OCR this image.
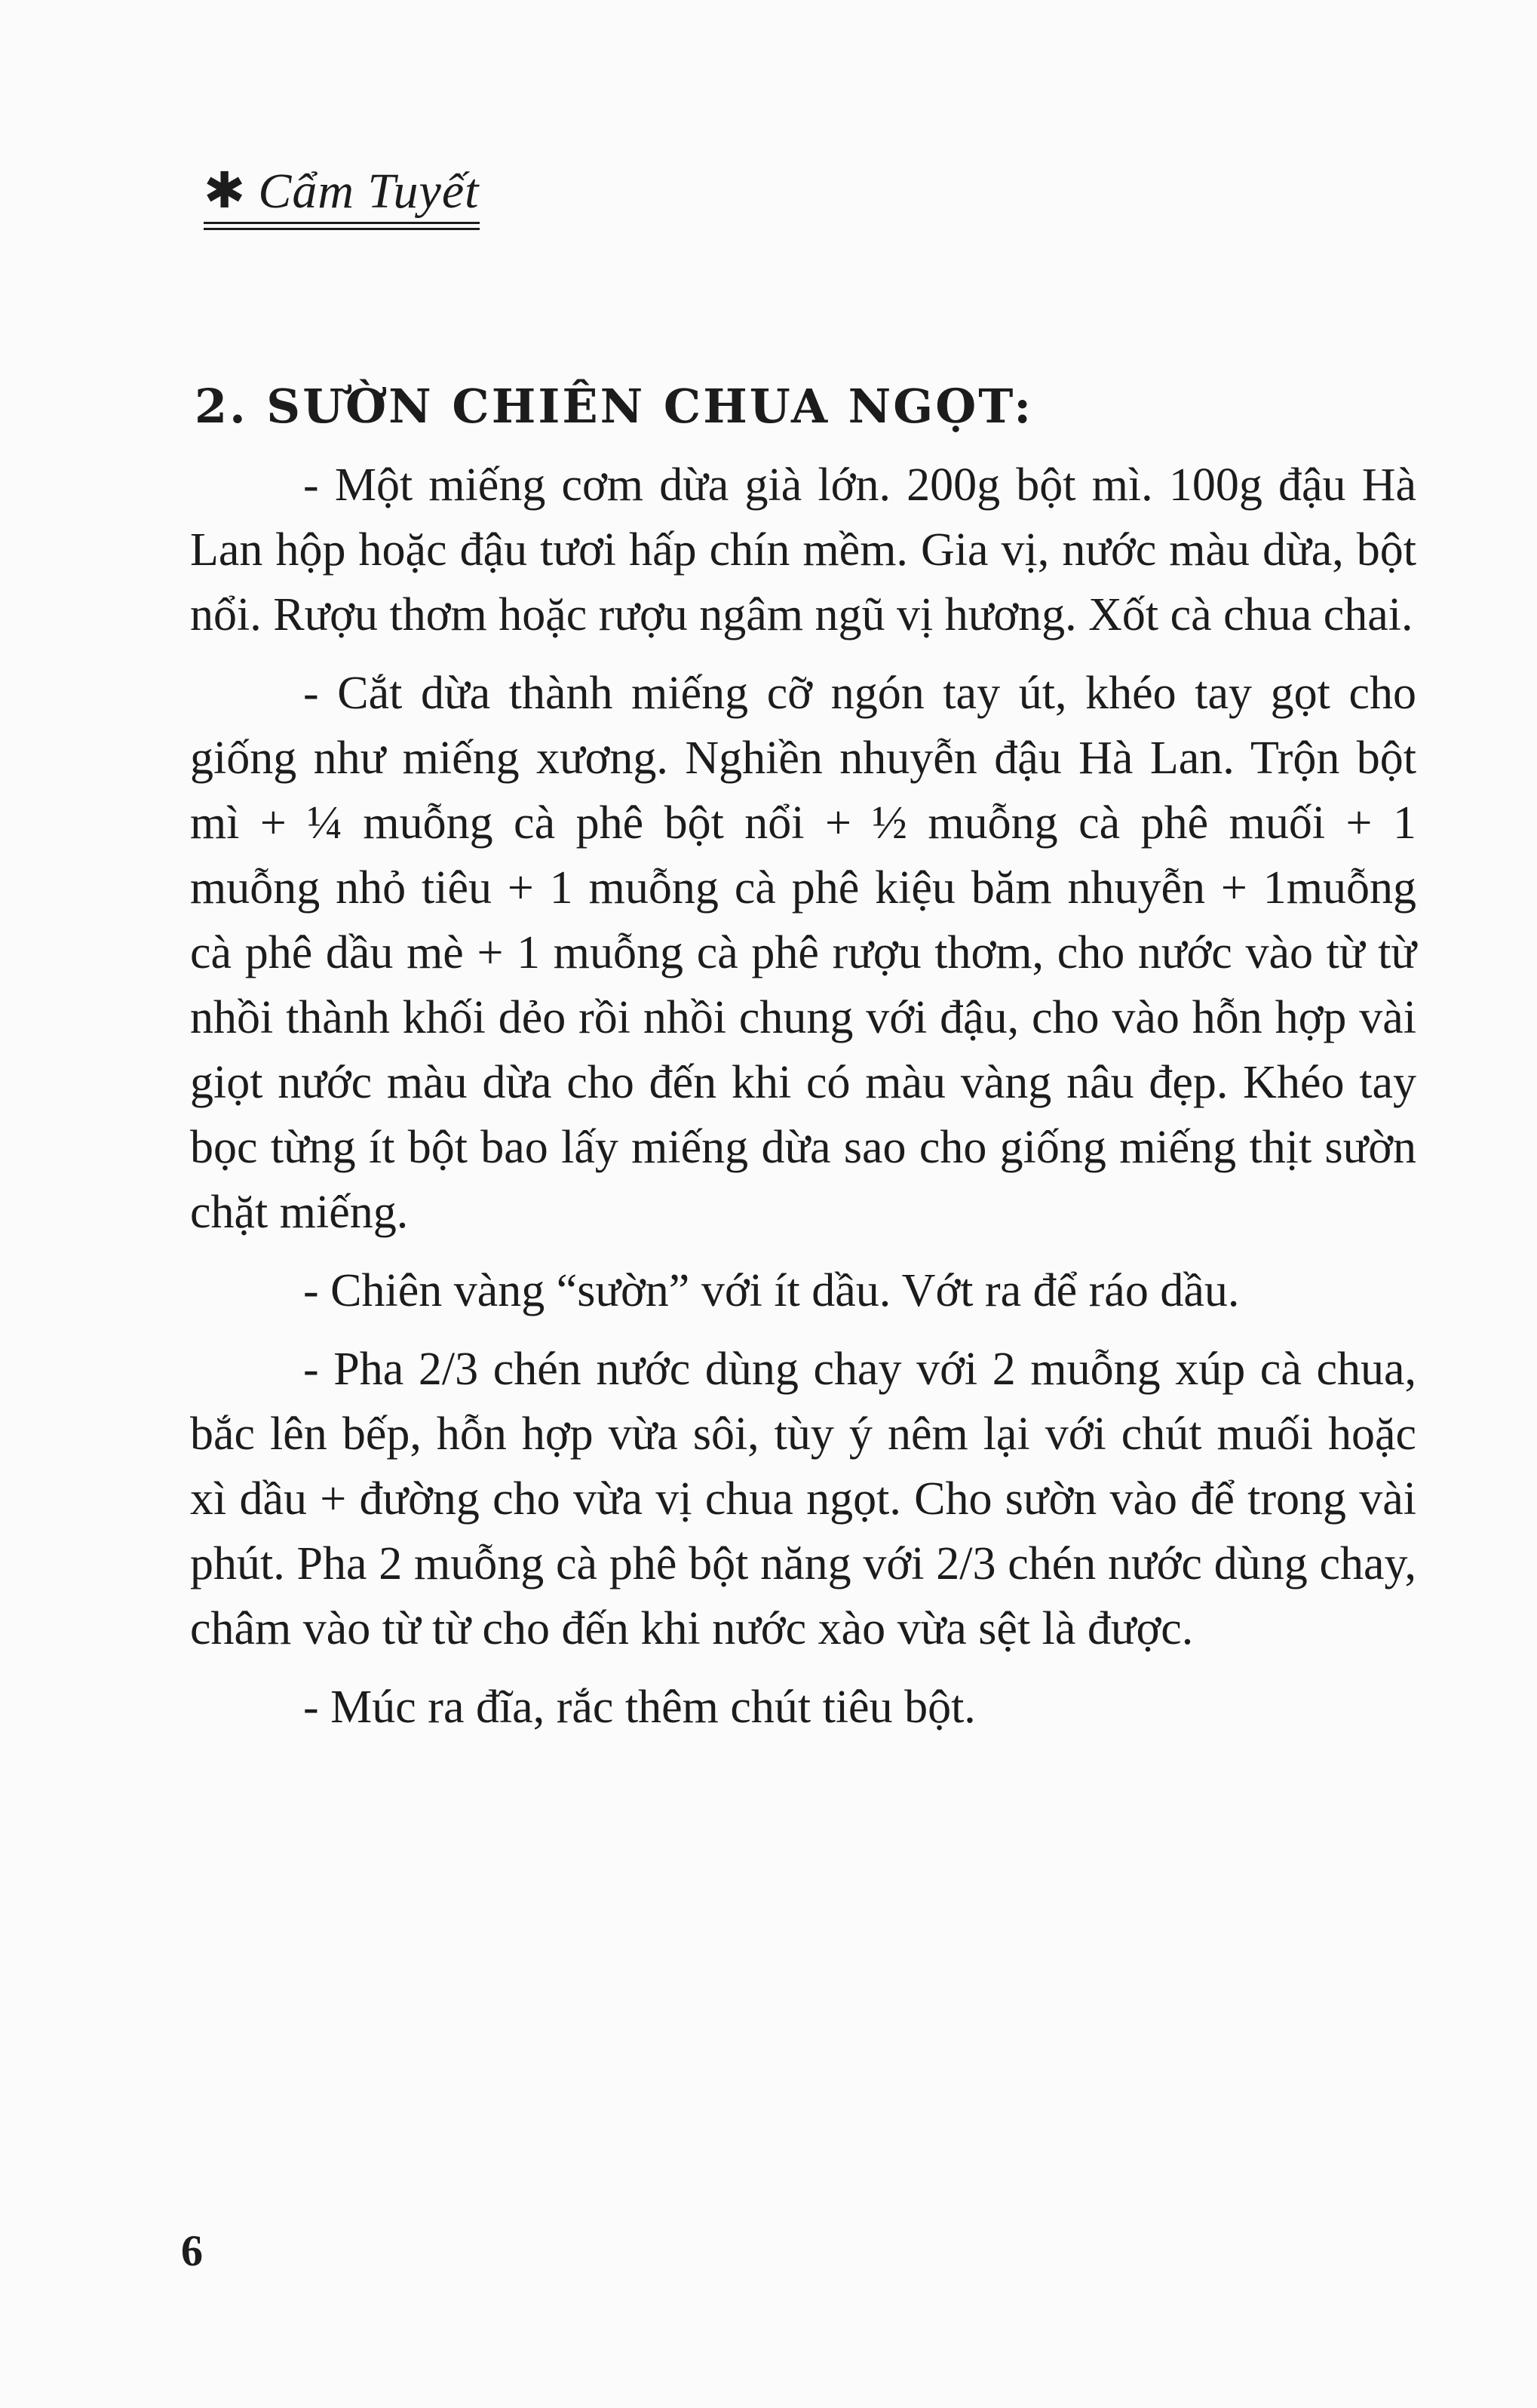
✱ Cẩm Tuyết
2. SƯỜN CHIÊN CHUA NGỌT:

- Một miếng cơm dừa già lớn. 200g bột mì. 100g đậu Hà Lan hộp hoặc đậu tươi hấp chín mềm. Gia vị, nước màu dừa, bột nổi. Rượu thơm hoặc rượu ngâm ngũ vị hương. Xốt cà chua chai.

- Cắt dừa thành miếng cỡ ngón tay út, khéo tay gọt cho giống như miếng xương. Nghiền nhuyễn đậu Hà Lan. Trộn bột mì + ¼ muỗng cà phê bột nổi + ½ muỗng cà phê muối + 1 muỗng nhỏ tiêu + 1 muỗng cà phê kiệu băm nhuyễn + 1muỗng cà phê dầu mè + 1 muỗng cà phê rượu thơm, cho nước vào từ từ nhồi thành khối dẻo rồi nhồi chung với đậu, cho vào hỗn hợp vài giọt nước màu dừa cho đến khi có màu vàng nâu đẹp. Khéo tay bọc từng ít bột bao lấy miếng dừa sao cho giống miếng thịt sườn chặt miếng.

- Chiên vàng “sườn” với ít dầu. Vớt ra để ráo dầu.

- Pha 2/3 chén nước dùng chay với 2 muỗng xúp cà chua, bắc lên bếp, hỗn hợp vừa sôi, tùy ý nêm lại với chút muối hoặc xì dầu + đường cho vừa vị chua ngọt. Cho sườn vào để trong vài phút. Pha 2 muỗng cà phê bột năng với 2/3 chén nước dùng chay, châm vào từ từ cho đến khi nước xào vừa sệt là được.

- Múc ra đĩa, rắc thêm chút tiêu bột.

6
